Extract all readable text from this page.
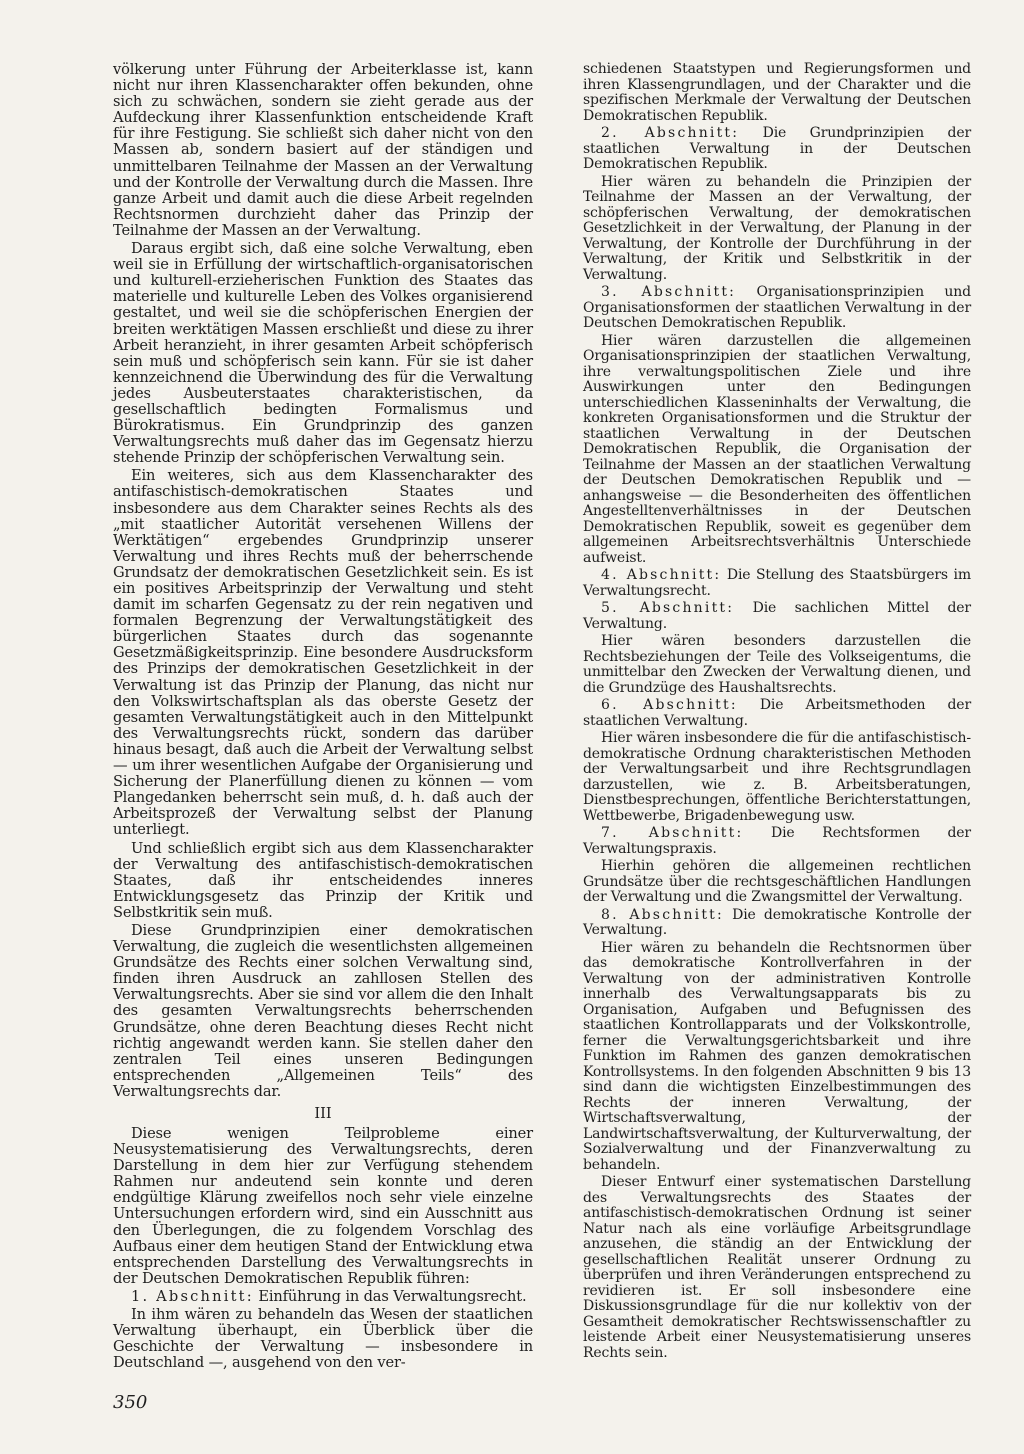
völkerung unter Führung der Arbeiterklasse ist, kann nicht nur ihren Klassencharakter offen bekunden, ohne sich zu schwächen, sondern sie zieht gerade aus der Aufdeckung ihrer Klassenfunktion entscheidende Kraft für ihre Festigung. Sie schließt sich daher nicht von den Massen ab, sondern basiert auf der ständigen und unmittelbaren Teilnahme der Massen an der Verwaltung und der Kontrolle der Verwaltung durch die Massen. Ihre ganze Arbeit und damit auch die diese Arbeit regelnden Rechtsnormen durchzieht daher das Prinzip der Teilnahme der Massen an der Verwaltung.

Daraus ergibt sich, daß eine solche Verwaltung, eben weil sie in Erfüllung der wirtschaftlich-organisatorischen und kulturell-erzieherischen Funktion des Staates das materielle und kulturelle Leben des Volkes organisierend gestaltet, und weil sie die schöpferischen Energien der breiten werktätigen Massen erschließt und diese zu ihrer Arbeit heranzieht, in ihrer gesamten Arbeit schöpferisch sein muß und schöpferisch sein kann. Für sie ist daher kennzeichnend die Überwindung des für die Verwaltung jedes Ausbeuterstaates charakteristischen, da gesellschaftlich bedingten Formalismus und Bürokratismus. Ein Grundprinzip des ganzen Verwaltungsrechts muß daher das im Gegensatz hierzu stehende Prinzip der schöpferischen Verwaltung sein.

Ein weiteres, sich aus dem Klassencharakter des antifaschistisch-demokratischen Staates und insbesondere aus dem Charakter seines Rechts als des „mit staatlicher Autorität versehenen Willens der Werktätigen“ ergebendes Grundprinzip unserer Verwaltung und ihres Rechts muß der beherrschende Grundsatz der demokratischen Gesetzlichkeit sein. Es ist ein positives Arbeitsprinzip der Verwaltung und steht damit im scharfen Gegensatz zu der rein negativen und formalen Begrenzung der Verwaltungstätigkeit des bürgerlichen Staates durch das sogenannte Gesetzmäßigkeitsprinzip. Eine besondere Ausdrucksform des Prinzips der demokratischen Gesetzlichkeit in der Verwaltung ist das Prinzip der Planung, das nicht nur den Volkswirtschaftsplan als das oberste Gesetz der gesamten Verwaltungstätigkeit auch in den Mittelpunkt des Verwaltungsrechts rückt, sondern das darüber hinaus besagt, daß auch die Arbeit der Verwaltung selbst — um ihrer wesentlichen Aufgabe der Organisierung und Sicherung der Planerfüllung dienen zu können — vom Plangedanken beherrscht sein muß, d. h. daß auch der Arbeitsprozeß der Verwaltung selbst der Planung unterliegt.

Und schließlich ergibt sich aus dem Klassencharakter der Verwaltung des antifaschistisch-demokratischen Staates, daß ihr entscheidendes inneres Entwicklungsgesetz das Prinzip der Kritik und Selbstkritik sein muß.

Diese Grundprinzipien einer demokratischen Verwaltung, die zugleich die wesentlichsten allgemeinen Grundsätze des Rechts einer solchen Verwaltung sind, finden ihren Ausdruck an zahllosen Stellen des Verwaltungsrechts. Aber sie sind vor allem die den Inhalt des gesamten Verwaltungsrechts beherrschenden Grundsätze, ohne deren Beachtung dieses Recht nicht richtig angewandt werden kann. Sie stellen daher den zentralen Teil eines unseren Bedingungen entsprechenden „Allgemeinen Teils“ des Verwaltungsrechts dar.

III

Diese wenigen Teilprobleme einer Neusystematisierung des Verwaltungsrechts, deren Darstellung in dem hier zur Verfügung stehendem Rahmen nur andeutend sein konnte und deren endgültige Klärung zweifellos noch sehr viele einzelne Untersuchungen erfordern wird, sind ein Ausschnitt aus den Überlegungen, die zu folgendem Vorschlag des Aufbaus einer dem heutigen Stand der Entwicklung etwa entsprechenden Darstellung des Verwaltungsrechts in der Deutschen Demokratischen Republik führen:

1. Abschnitt: Einführung in das Verwaltungsrecht.

In ihm wären zu behandeln das Wesen der staatlichen Verwaltung überhaupt, ein Überblick über die Geschichte der Verwaltung — insbesondere in Deutschland —, ausgehend von den ver-

schiedenen Staatstypen und Regierungsformen und ihren Klassengrundlagen, und der Charakter und die spezifischen Merkmale der Verwaltung der Deutschen Demokratischen Republik.

2. Abschnitt: Die Grundprinzipien der staatlichen Verwaltung in der Deutschen Demokratischen Republik.

Hier wären zu behandeln die Prinzipien der Teilnahme der Massen an der Verwaltung, der schöpferischen Verwaltung, der demokratischen Gesetzlichkeit in der Verwaltung, der Planung in der Verwaltung, der Kontrolle der Durchführung in der Verwaltung, der Kritik und Selbstkritik in der Verwaltung.

3. Abschnitt: Organisationsprinzipien und Organisationsformen der staatlichen Verwaltung in der Deutschen Demokratischen Republik.

Hier wären darzustellen die allgemeinen Organisationsprinzipien der staatlichen Verwaltung, ihre verwaltungspolitischen Ziele und ihre Auswirkungen unter den Bedingungen unterschiedlichen Klasseninhalts der Verwaltung, die konkreten Organisationsformen und die Struktur der staatlichen Verwaltung in der Deutschen Demokratischen Republik, die Organisation der Teilnahme der Massen an der staatlichen Verwaltung der Deutschen Demokratischen Republik und — anhangsweise — die Besonderheiten des öffentlichen Angestelltenverhältnisses in der Deutschen Demokratischen Republik, soweit es gegenüber dem allgemeinen Arbeitsrechtsverhältnis Unterschiede aufweist.

4. Abschnitt: Die Stellung des Staatsbürgers im Verwaltungsrecht.

5. Abschnitt: Die sachlichen Mittel der Verwaltung.

Hier wären besonders darzustellen die Rechtsbeziehungen der Teile des Volkseigentums, die unmittelbar den Zwecken der Verwaltung dienen, und die Grundzüge des Haushaltsrechts.

6. Abschnitt: Die Arbeitsmethoden der staatlichen Verwaltung.

Hier wären insbesondere die für die antifaschistisch-demokratische Ordnung charakteristischen Methoden der Verwaltungsarbeit und ihre Rechtsgrundlagen darzustellen, wie z. B. Arbeitsberatungen, Dienstbesprechungen, öffentliche Berichterstattungen, Wettbewerbe, Brigadenbewegung usw.

7. Abschnitt: Die Rechtsformen der Verwaltungspraxis.

Hierhin gehören die allgemeinen rechtlichen Grundsätze über die rechtsgeschäftlichen Handlungen der Verwaltung und die Zwangsmittel der Verwaltung.

8. Abschnitt: Die demokratische Kontrolle der Verwaltung.

Hier wären zu behandeln die Rechtsnormen über das demokratische Kontrollverfahren in der Verwaltung von der administrativen Kontrolle innerhalb des Verwaltungsapparats bis zu Organisation, Aufgaben und Befugnissen des staatlichen Kontrollapparats und der Volkskontrolle, ferner die Verwaltungsgerichtsbarkeit und ihre Funktion im Rahmen des ganzen demokratischen Kontrollsystems. In den folgenden Abschnitten 9 bis 13 sind dann die wichtigsten Einzelbestimmungen des Rechts der inneren Verwaltung, der Wirtschaftsverwaltung, der Landwirtschaftsverwaltung, der Kulturverwaltung, der Sozialverwaltung und der Finanzverwaltung zu behandeln.

Dieser Entwurf einer systematischen Darstellung des Verwaltungsrechts des Staates der antifaschistisch-demokratischen Ordnung ist seiner Natur nach als eine vorläufige Arbeitsgrundlage anzusehen, die ständig an der Entwicklung der gesellschaftlichen Realität unserer Ordnung zu überprüfen und ihren Veränderungen entsprechend zu revidieren ist. Er soll insbesondere eine Diskussionsgrundlage für die nur kollektiv von der Gesamtheit demokratischer Rechtswissenschaftler zu leistende Arbeit einer Neusystematisierung unseres Rechts sein.

350
